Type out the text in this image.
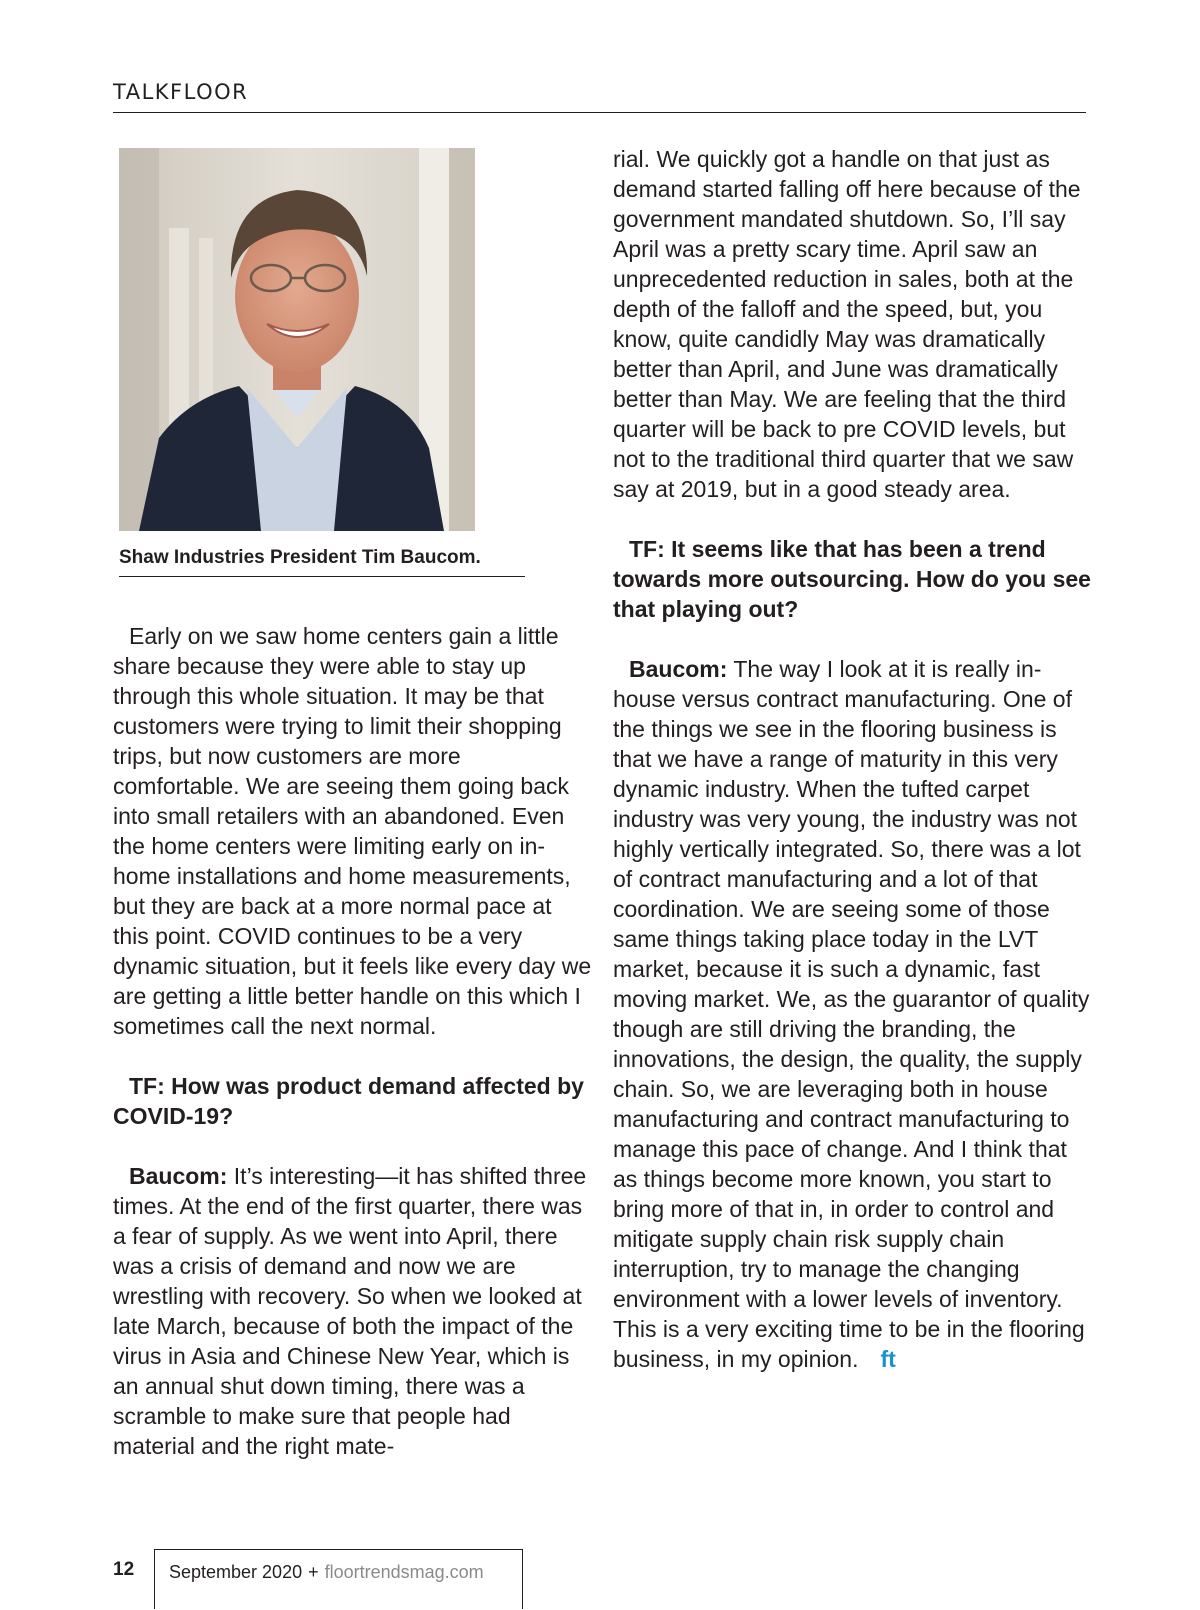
TALKFLOOR
Shaw Industries President Tim Baucom.

Early on we saw home centers gain a little share because they were able to stay up through this whole situation. It may be that customers were trying to limit their shopping trips, but now customers are more comfortable. We are seeing them going back into small retailers with an abandoned. Even the home centers were limiting early on in-home installations and home measurements, but they are back at a more normal pace at this point. COVID continues to be a very dynamic situation, but it feels like every day we are getting a little better handle on this which I sometimes call the next normal.

TF: How was product demand affected by COVID-19?

Baucom: It’s interesting—it has shifted three times. At the end of the first quarter, there was a fear of supply. As we went into April, there was a crisis of demand and now we are wrestling with recovery. So when we looked at late March, because of both the impact of the virus in Asia and Chinese New Year, which is an annual shut down timing, there was a scramble to make sure that people had material and the right mate-

rial. We quickly got a handle on that just as demand started falling off here because of the government mandated shutdown. So, I’ll say April was a pretty scary time. April saw an unprecedented reduction in sales, both at the depth of the falloff and the speed, but, you know, quite candidly May was dramatically better than April, and June was dramatically better than May. We are feeling that the third quarter will be back to pre COVID levels, but not to the traditional third quarter that we saw say at 2019, but in a good steady area.

TF: It seems like that has been a trend towards more outsourcing. How do you see that playing out?

Baucom: The way I look at it is really in-house versus contract manufacturing. One of the things we see in the flooring business is that we have a range of maturity in this very dynamic industry. When the tufted carpet industry was very young, the industry was not highly vertically integrated. So, there was a lot of contract manufacturing and a lot of that coordination. We are seeing some of those same things taking place today in the LVT market, because it is such a dynamic, fast moving market. We, as the guarantor of quality though are still driving the branding, the innovations, the design, the quality, the supply chain. So, we are leveraging both in house manufacturing and contract manufacturing to manage this pace of change. And I think that as things become more known, you start to bring more of that in, in order to control and mitigate supply chain risk supply chain interruption, try to manage the changing environment with a lower levels of inventory. This is a very exciting time to be in the flooring business, in my opinion. ft

12 September 2020 + floortrendsmag.com
